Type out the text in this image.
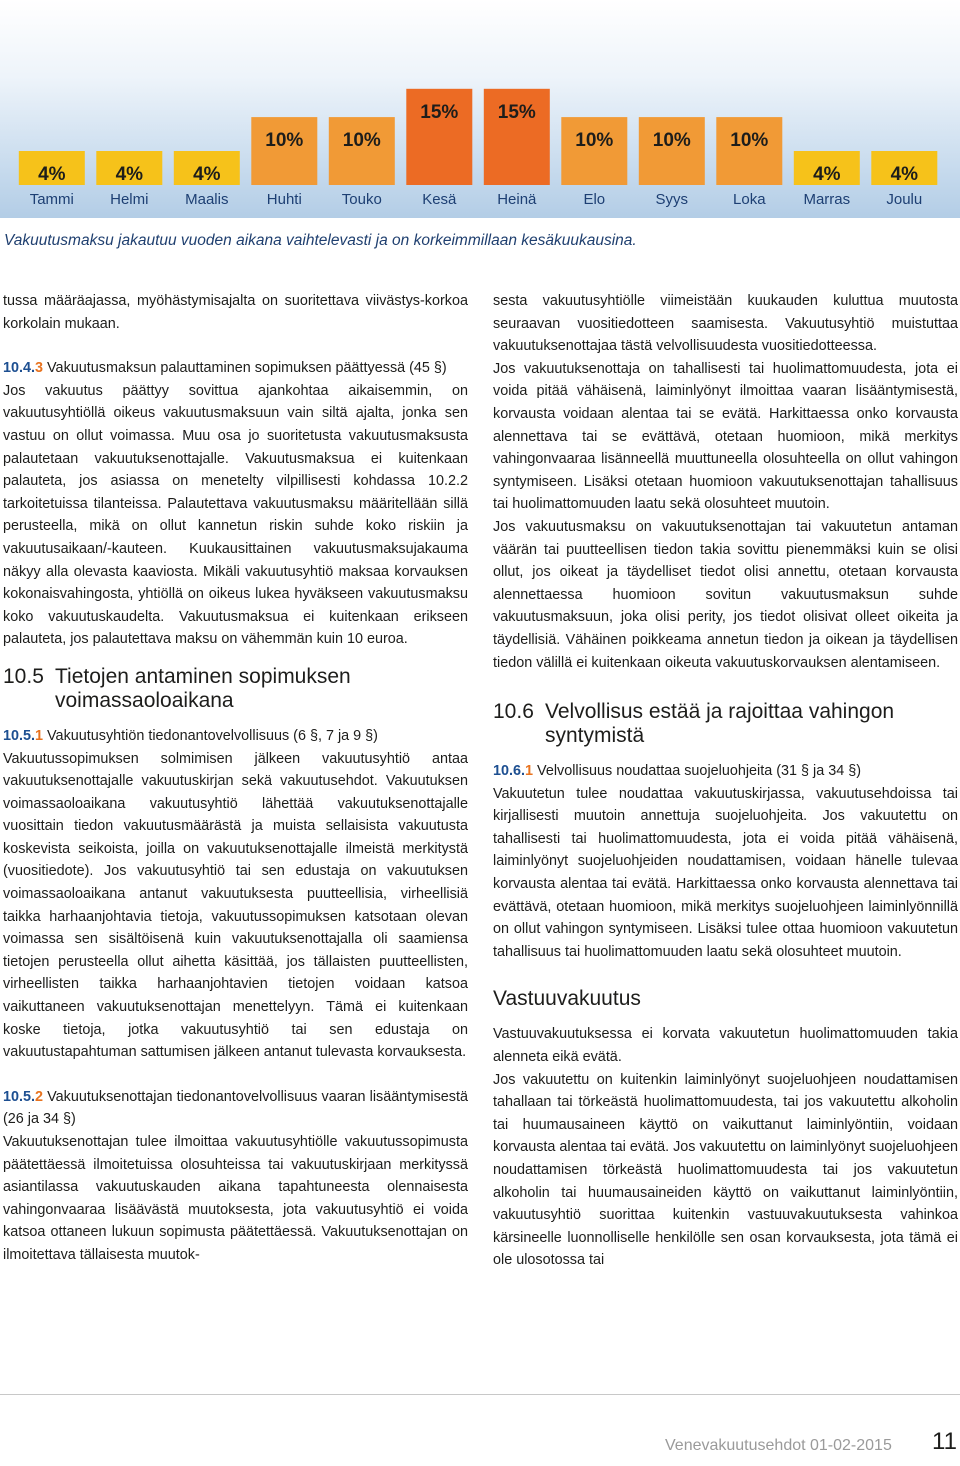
4%
Tammi
4%
Helmi
4%
Maalis
10%
Huhti
10%
Touko
15%
Kesä
15%
Heinä
10%
Elo
10%
Syys
10%
Loka
4%
Marras
4%
Joulu
Vakuutusmaksu jakautuu vuoden aikana vaihtelevasti ja on korkeimmillaan kesäkuukausina.

tussa määräajassa, myöhästymisajalta on suoritettava viivästys-korkoa korkolain mukaan.

10.4.3 Vakuutusmaksun palauttaminen sopimuksen päättyessä (45 §)

Jos vakuutus päättyy sovittua ajankohtaa aikaisemmin, on vakuutusyhtiöllä oikeus vakuutusmaksuun vain siltä ajalta, jonka sen vastuu on ollut voimassa. Muu osa jo suoritetusta vakuutusmaksusta palautetaan vakuutuksenottajalle. Vakuutusmaksua ei kuitenkaan palauteta, jos asiassa on menetelty vilpillisesti kohdassa 10.2.2 tarkoitetuissa tilanteissa. Palautettava vakuutusmaksu määritellään sillä perusteella, mikä on ollut kannetun riskin suhde koko riskiin ja vakuutusaikaan/-kauteen. Kuukausittainen vakuutusmaksujakauma näkyy alla olevasta kaaviosta. Mikäli vakuutusyhtiö maksaa korvauksen kokonaisvahingosta, yhtiöllä on oikeus lukea hyväkseen vakuutusmaksu koko vakuutuskaudelta. Vakuutusmaksua ei kuitenkaan erikseen palauteta, jos palautettava maksu on vähemmän kuin 10 euroa.

10.5 Tietojen antaminen sopimuksen voimassaoloaikana

10.5.1 Vakuutusyhtiön tiedonantovelvollisuus (6 §, 7 ja 9 §)

Vakuutussopimuksen solmimisen jälkeen vakuutusyhtiö antaa vakuutuksenottajalle vakuutuskirjan sekä vakuutusehdot. Vakuutuksen voimassaoloaikana vakuutusyhtiö lähettää vakuutuksenottajalle vuosittain tiedon vakuutusmäärästä ja muista sellaisista vakuutusta koskevista seikoista, joilla on vakuutuksenottajalle ilmeistä merkitystä (vuositiedote). Jos vakuutusyhtiö tai sen edustaja on vakuutuksen voimassaoloaikana antanut vakuutuksesta puutteellisia, virheellisiä taikka harhaanjohtavia tietoja, vakuutussopimuksen katsotaan olevan voimassa sen sisältöisenä kuin vakuutuksenottajalla oli saamiensa tietojen perusteella ollut aihetta käsittää, jos tällaisten puutteellisten, virheellisten taikka harhaanjohtavien tietojen voidaan katsoa vaikuttaneen vakuutuksenottajan menettelyyn. Tämä ei kuitenkaan koske tietoja, jotka vakuutusyhtiö tai sen edustaja on vakuutustapahtuman sattumisen jälkeen antanut tulevasta korvauksesta.

10.5.2 Vakuutuksenottajan tiedonantovelvollisuus vaaran lisääntymisestä (26 ja 34 §)

Vakuutuksenottajan tulee ilmoittaa vakuutusyhtiölle vakuutussopimusta päätettäessä ilmoitetuissa olosuhteissa tai vakuutuskirjaan merkityssä asiantilassa vakuutuskauden aikana tapahtuneesta olennaisesta vahingonvaaraa lisäävästä muutoksesta, jota vakuutusyhtiö ei voida katsoa ottaneen lukuun sopimusta päätettäessä. Vakuutuksenottajan on ilmoitettava tällaisesta muutok-

sesta vakuutusyhtiölle viimeistään kuukauden kuluttua muutosta seuraavan vuositiedotteen saamisesta. Vakuutusyhtiö muistuttaa vakuutuksenottajaa tästä velvollisuudesta vuositiedotteessa.

Jos vakuutuksenottaja on tahallisesti tai huolimattomuudesta, jota ei voida pitää vähäisenä, laiminlyönyt ilmoittaa vaaran lisääntymisestä, korvausta voidaan alentaa tai se evätä. Harkittaessa onko korvausta alennettava tai se evättävä, otetaan huomioon, mikä merkitys vahingonvaaraa lisänneellä muuttuneella olosuhteella on ollut vahingon syntymiseen. Lisäksi otetaan huomioon vakuutuksenottajan tahallisuus tai huolimattomuuden laatu sekä olosuhteet muutoin.

Jos vakuutusmaksu on vakuutuksenottajan tai vakuutetun antaman väärän tai puutteellisen tiedon takia sovittu pienemmäksi kuin se olisi ollut, jos oikeat ja täydelliset tiedot olisi annettu, otetaan korvausta alennettaessa huomioon sovitun vakuutusmaksun suhde vakuutusmaksuun, joka olisi perity, jos tiedot olisivat olleet oikeita ja täydellisiä. Vähäinen poikkeama annetun tiedon ja oikean ja täydellisen tiedon välillä ei kuitenkaan oikeuta vakuutuskorvauksen alentamiseen.

10.6 Velvollisus estää ja rajoittaa vahingon syntymistä

10.6.1 Velvollisuus noudattaa suojeluohjeita (31 § ja 34 §)

Vakuutetun tulee noudattaa vakuutuskirjassa, vakuutusehdoissa tai kirjallisesti muutoin annettuja suojeluohjeita. Jos vakuutettu on tahallisesti tai huolimattomuudesta, jota ei voida pitää vähäisenä, laiminlyönyt suojeluohjeiden noudattamisen, voidaan hänelle tulevaa korvausta alentaa tai evätä. Harkittaessa onko korvausta alennettava tai evättävä, otetaan huomioon, mikä merkitys suojeluohjeen laiminlyönnillä on ollut vahingon syntymiseen. Lisäksi tulee ottaa huomioon vakuutetun tahallisuus tai huolimattomuuden laatu sekä olosuhteet muutoin.

Vastuuvakuutus

Vastuuvakuutuksessa ei korvata vakuutetun huolimattomuuden takia alenneta eikä evätä.

Jos vakuutettu on kuitenkin laiminlyönyt suojeluohjeen noudattamisen tahallaan tai törkeästä huolimattomuudesta, tai jos vakuutettu alkoholin tai huumausaineen käyttö on vaikuttanut laiminlyöntiin, voidaan korvausta alentaa tai evätä. Jos vakuutettu on laiminlyönyt suojeluohjeen noudattamisen törkeästä huolimattomuudesta tai jos vakuutetun alkoholin tai huumausaineiden käyttö on vaikuttanut laiminlyöntiin, vakuutusyhtiö suorittaa kuitenkin vastuuvakuutuksesta vahinkoa kärsineelle luonnolliselle henkilölle sen osan korvauksesta, jota tämä ei ole ulosotossa tai

Venevakuutusehdot 01-02-2015 11
